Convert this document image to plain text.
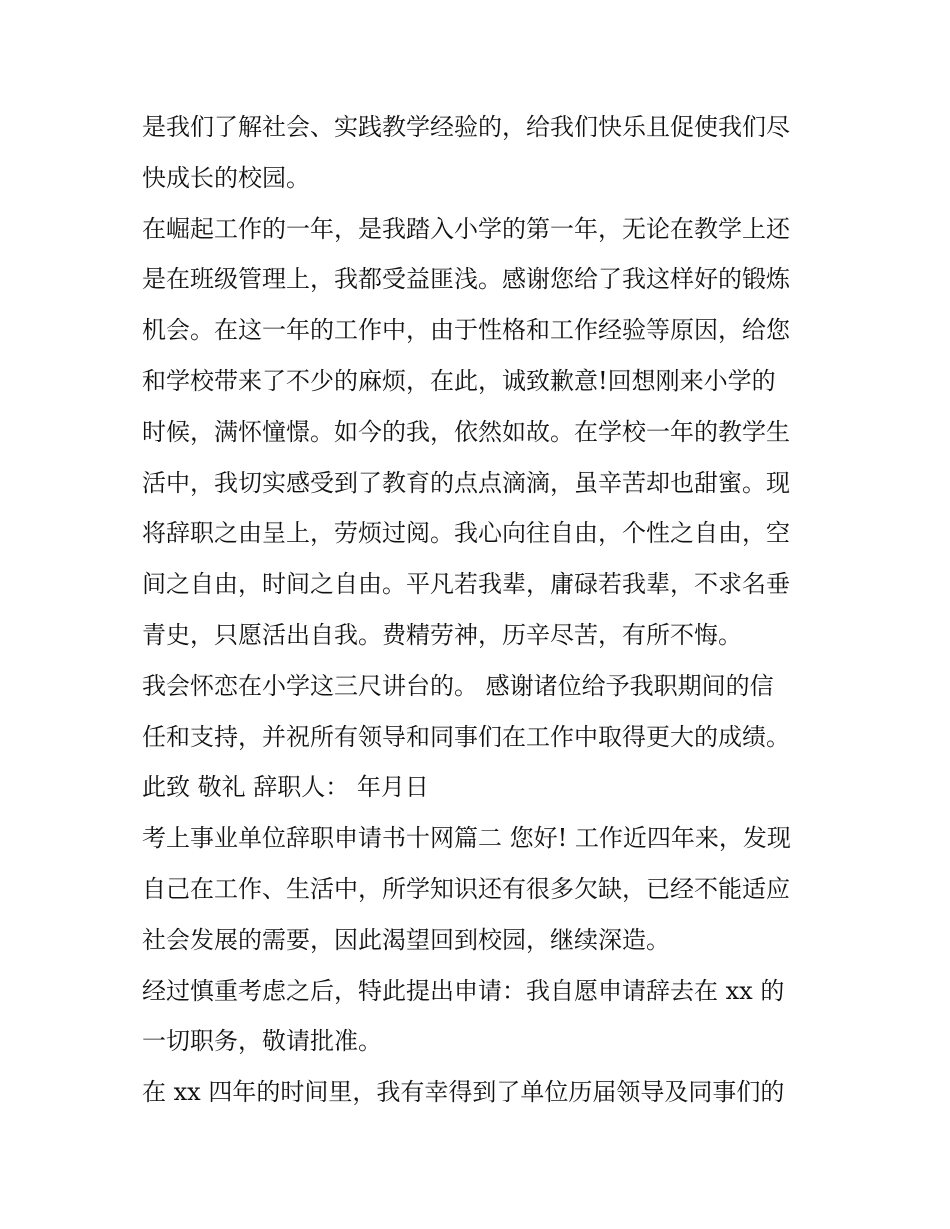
是我们了解社会、实践教学经验的，给我们快乐且促使我们尽
快成长的校园。
在崛起工作的一年，是我踏入小学的第一年，无论在教学上还
是在班级管理上，我都受益匪浅。感谢您给了我这样好的锻炼
机会。在这一年的工作中，由于性格和工作经验等原因，给您
和学校带来了不少的麻烦，在此，诚致歉意!回想刚来小学的
时候，满怀憧憬。如今的我，依然如故。在学校一年的教学生
活中，我切实感受到了教育的点点滴滴，虽辛苦却也甜蜜。现
将辞职之由呈上，劳烦过阅。我心向往自由，个性之自由，空
间之自由，时间之自由。平凡若我辈，庸碌若我辈，不求名垂
青史，只愿活出自我。费精劳神，历辛尽苦，有所不悔。
我会怀恋在小学这三尺讲台的。 感谢诸位给予我职期间的信
任和支持，并祝所有领导和同事们在工作中取得更大的成绩。
此致 敬礼 辞职人： 年月日
考上事业单位辞职申请书十网篇二 您好! 工作近四年来，发现
自己在工作、生活中，所学知识还有很多欠缺，已经不能适应
社会发展的需要，因此渴望回到校园，继续深造。
经过慎重考虑之后，特此提出申请：我自愿申请辞去在 xx 的
一切职务，敬请批准。
在 xx 四年的时间里，我有幸得到了单位历届领导及同事们的
